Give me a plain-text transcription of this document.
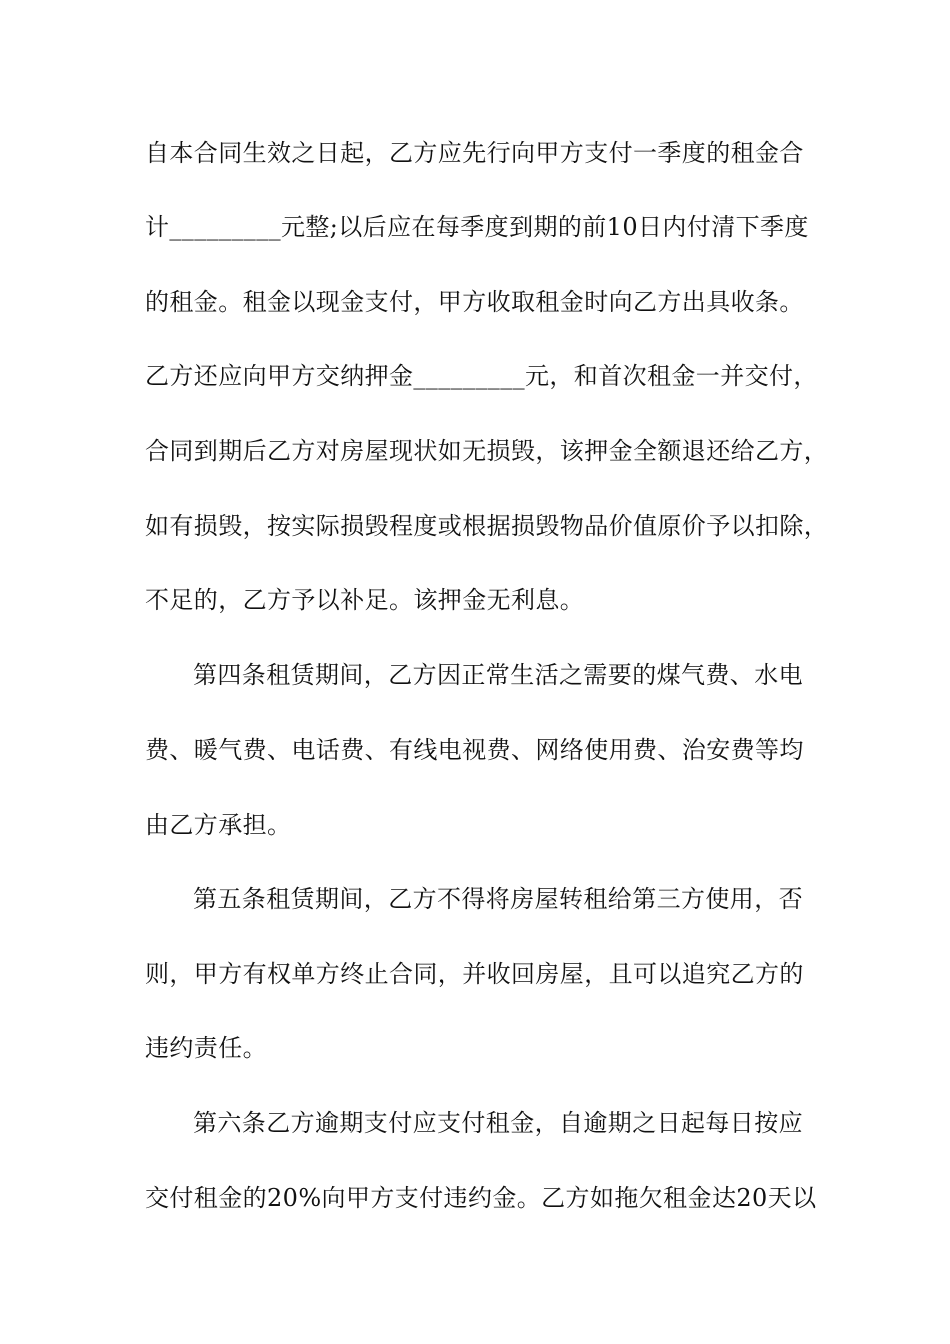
自本合同生效之日起，乙方应先行向甲方支付一季度的租金合
计_________元整;以后应在每季度到期的前10日内付清下季度
的租金。租金以现金支付，甲方收取租金时向乙方出具收条。
乙方还应向甲方交纳押金_________元，和首次租金一并交付，
合同到期后乙方对房屋现状如无损毁，该押金全额退还给乙方，
如有损毁，按实际损毁程度或根据损毁物品价值原价予以扣除，
不足的，乙方予以补足。该押金无利息。
第四条租赁期间，乙方因正常生活之需要的煤气费、水电
费、暖气费、电话费、有线电视费、网络使用费、治安费等均
由乙方承担。
第五条租赁期间，乙方不得将房屋转租给第三方使用，否
则，甲方有权单方终止合同，并收回房屋，且可以追究乙方的
违约责任。
第六条乙方逾期支付应支付租金，自逾期之日起每日按应
交付租金的20%向甲方支付违约金。乙方如拖欠租金达20天以
